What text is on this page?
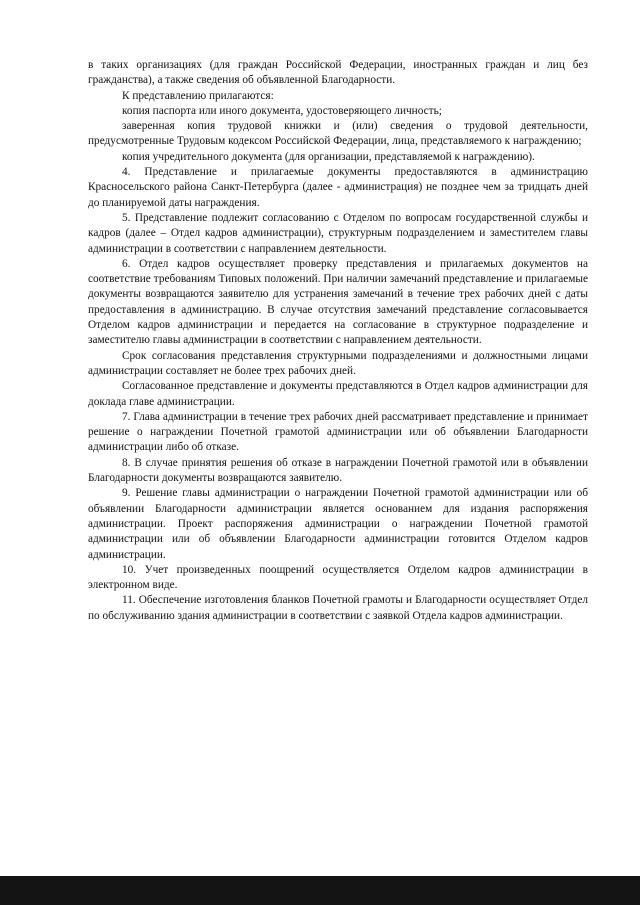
в таких организациях (для граждан Российской Федерации, иностранных граждан и лиц без гражданства), а также сведения об объявленной Благодарности.

К представлению прилагаются:

копия паспорта или иного документа, удостоверяющего личность;

заверенная копия трудовой книжки и (или) сведения о трудовой деятельности, предусмотренные Трудовым кодексом Российской Федерации, лица, представляемого к награждению;

копия учредительного документа (для организации, представляемой к награждению).

4. Представление и прилагаемые документы предоставляются в администрацию Красносельского района Санкт-Петербурга (далее - администрация) не позднее чем за тридцать дней до планируемой даты награждения.

5. Представление подлежит согласованию с Отделом по вопросам государственной службы и кадров (далее – Отдел кадров администрации), структурным подразделением и заместителем главы администрации в соответствии с направлением деятельности.

6. Отдел кадров осуществляет проверку представления и прилагаемых документов на соответствие требованиям Типовых положений. При наличии замечаний представление и прилагаемые документы возвращаются заявителю для устранения замечаний в течение трех рабочих дней с даты предоставления в администрацию. В случае отсутствия замечаний представление согласовывается Отделом кадров администрации и передается на согласование в структурное подразделение и заместителю главы администрации в соответствии с направлением деятельности.

Срок согласования представления структурными подразделениями и должностными лицами администрации составляет не более трех рабочих дней.

Согласованное представление и документы представляются в Отдел кадров администрации для доклада главе администрации.

7. Глава администрации в течение трех рабочих дней рассматривает представление и принимает решение о награждении Почетной грамотой администрации или об объявлении Благодарности администрации либо об отказе.

8. В случае принятия решения об отказе в награждении Почетной грамотой или в объявлении Благодарности документы возвращаются заявителю.

9. Решение главы администрации о награждении Почетной грамотой администрации или об объявлении Благодарности администрации является основанием для издания распоряжения администрации. Проект распоряжения администрации о награждении Почетной грамотой администрации или об объявлении Благодарности администрации готовится Отделом кадров администрации.

10. Учет произведенных поощрений осуществляется Отделом кадров администрации в электронном виде.

11. Обеспечение изготовления бланков Почетной грамоты и Благодарности осуществляет Отдел по обслуживанию здания администрации в соответствии с заявкой Отдела кадров администрации.
